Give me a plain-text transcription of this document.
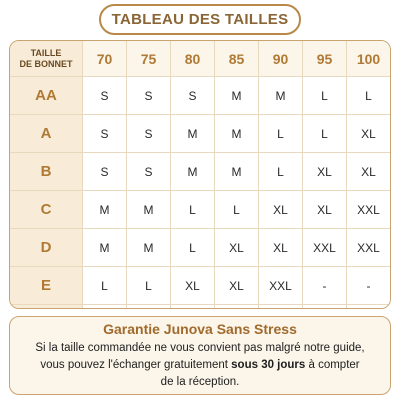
TABLEAU DES TAILLES
TAILLE
DE BONNET	70	75	80	85	90	95	100
AA	S	S	S	M	M	L	L
A	S	S	M	M	L	L	XL
B	S	S	M	M	L	XL	XL
C	M	M	L	L	XL	XL	XXL
D	M	M	L	XL	XL	XXL	XXL
E	L	L	XL	XL	XXL	-	-
Garantie Junova Sans Stress
Si la taille commandée ne vous convient pas malgré notre guide,
vous pouvez l'échanger gratuitement sous 30 jours à compter
de la réception.
